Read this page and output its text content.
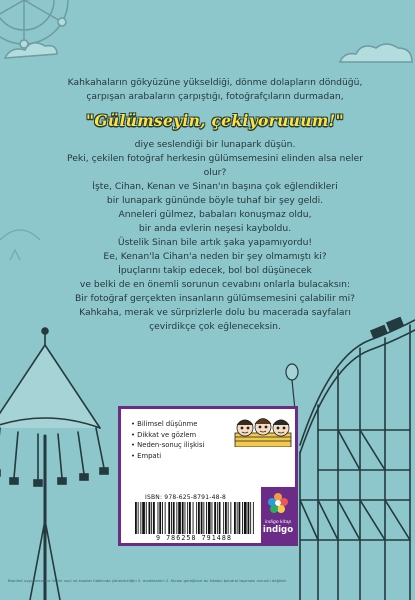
Kahkahaların gökyüzüne yükseldiği, dönme dolapların döndüğü,

çarpışan arabaların çarpıştığı, fotoğrafçıların durmadan,

"Gülümseyin, çekiyoruuum!"

diye seslendiği bir lunapark düşün.

Peki, çekilen fotoğraf herkesin gülümsemesini elinden alsa neler olur?

İşte, Cihan, Kenan ve Sinan'ın başına çok eğlendikleri

bir lunapark gününde böyle tuhaf bir şey geldi.

Anneleri gülmez, babaları konuşmaz oldu,

bir anda evlerin neşesi kayboldu.

Üstelik Sinan bile artık şaka yapamıyordu!

Ee, Kenan'la Cihan'a neden bir şey olmamıştı ki?

İpuçlarını takip edecek, bol bol düşünecek

ve belki de en önemli sorunun cevabını onlarla bulacaksın:

Bir fotoğraf gerçekten insanların gülümsemesini çalabilir mi?

Kahkaha, merak ve sürprizlerle dolu bu macerada sayfaları

çevirdikçe çok eğleneceksin.

• Bilimsel düşünme
• Dikkat ve gözlem
• Neden-sonuç ilişkisi
• Empati
ISBN: 978-625-8791-48-8
9 786258 791488
indigo kitap
indigo
Bandrol uygulamasına ilişkin usul ve esaslar hakkında yönetmeliğin 5. maddesinin 2. fıkrası gereğince bu kitabın bandrol taşıması zorunlu değildir.
